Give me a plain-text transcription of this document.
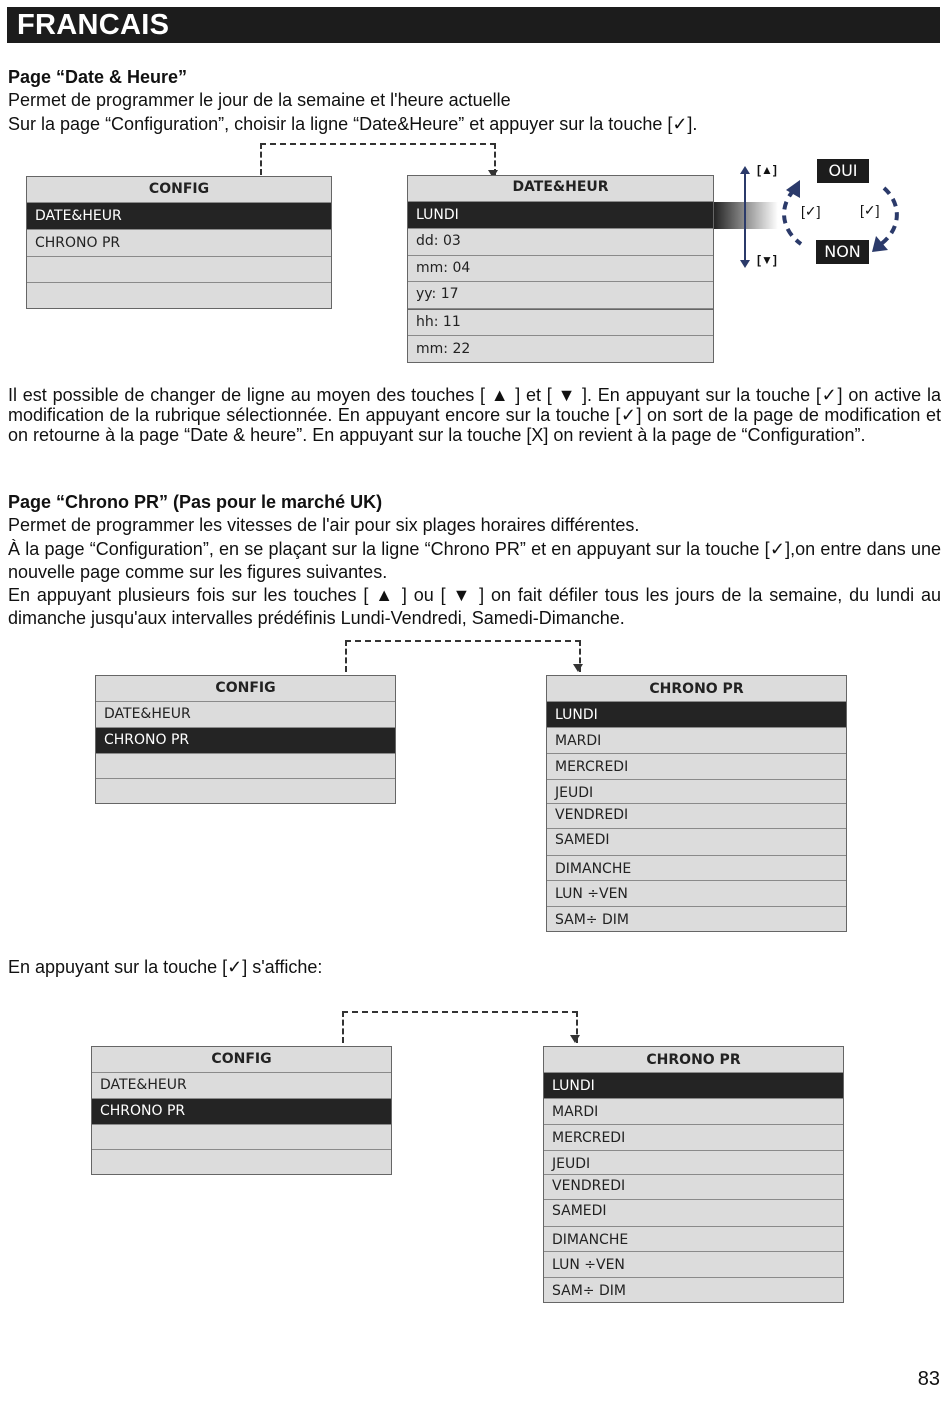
FRANCAIS
Page “Date & Heure”
Permet de programmer le jour de la semaine et l'heure actuelle
Sur la page “Configuration”, choisir la ligne “Date&Heure” et appuyer sur la touche [✓].
CONFIG
DATE&HEUR
CHRONO PR
DATE&HEUR
LUNDI
dd: 03
mm: 04
yy: 17
hh: 11
mm: 22
[▲]
[▼]
OUI
NON
[✓]	[✓]
Il est possible de changer de ligne au moyen des touches [ ▲ ] et [ ▼ ]. En appuyant sur la touche [✓] on active la modification de la rubrique sélectionnée. En appuyant encore sur la touche [✓] on sort de la page de modification et on retourne à la page “Date & heure”. En appuyant sur la touche [X] on revient à la page de “Configuration”.
Page “Chrono PR” (Pas pour le marché UK)
Permet de programmer les vitesses de l'air pour six plages horaires différentes.
À la page “Configuration”, en se plaçant sur la ligne “Chrono PR” et en appuyant sur la touche [✓],on entre dans une nouvelle page comme sur les figures suivantes.
En appuyant plusieurs fois sur les touches [ ▲ ] ou [ ▼ ] on fait défiler tous les jours de la semaine, du lundi au dimanche jusqu'aux intervalles prédéfinis Lundi-Vendredi, Samedi-Dimanche.
CONFIG
DATE&HEUR
CHRONO PR
CHRONO PR
LUNDI
MARDI
MERCREDI
JEUDI
VENDREDI
SAMEDI
DIMANCHE
LUN ÷VEN
SAM÷ DIM
En appuyant sur la touche [✓] s'affiche:
CONFIG
DATE&HEUR
CHRONO PR
CHRONO PR
LUNDI
MARDI
MERCREDI
JEUDI
VENDREDI
SAMEDI
DIMANCHE
LUN ÷VEN
SAM÷ DIM
83
